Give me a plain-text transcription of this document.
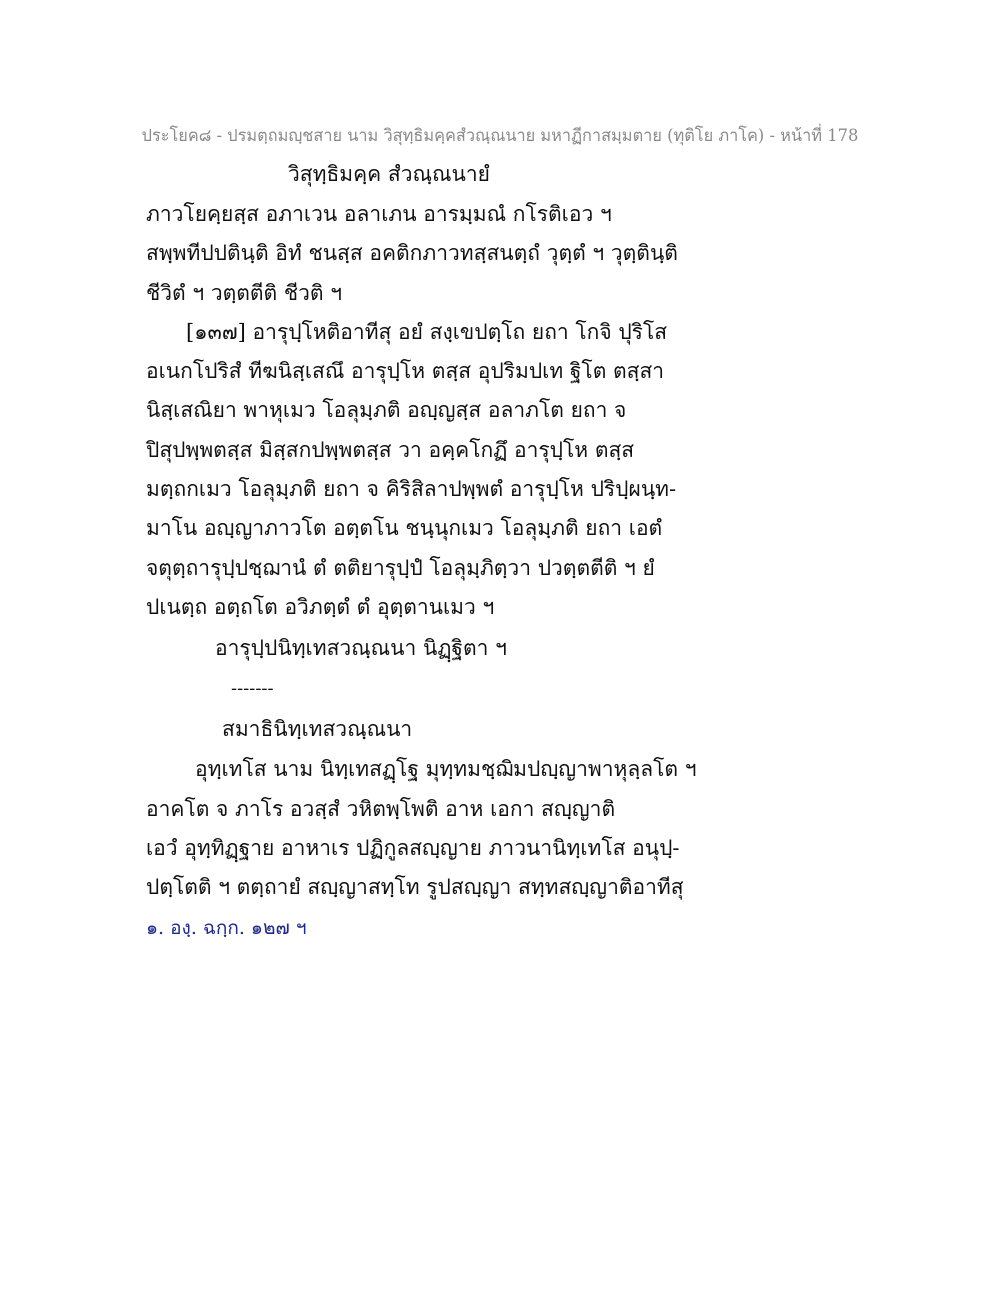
ประโยค๘ - ปรมตฺถมญฺชสาย นาม วิสุทฺธิมคฺคสํวณฺณนาย มหาฏีกาสมฺมตาย (ทุติโย ภาโค) - หน้าที่ 178
วิสุทฺธิมคฺค สํวณฺณนายํ
ภาวโยคฺยสฺส อภาเวน อลาเภน อารมฺมณํ กโรติเอว ฯ
สพฺพทีปปตินฺติ อิทํ ชนสฺส อคติกภาวทสฺสนตฺถํ วุตฺตํ ฯ วุตฺตินฺติ
ชีวิตํ ฯ วตฺตตีติ ชีวติ ฯ
[๑๓๗] อารุปฺโหติอาทีสุ อยํ สงฺเขปตฺโถ ยถา โกจิ ปุริโส
อเนกโปริสํ ทีฆนิสฺเสณึ อารุปฺโห ตสฺส อุปริมปเท ฐิโต ตสฺสา
นิสฺเสณิยา พาหุเมว โอลุมฺภติ อญฺญสฺส อลาภโต ยถา จ
ปิสุปพฺพตสฺส มิสฺสกปพฺพตสฺส วา อคฺคโกฏึ อารุปฺโห ตสฺส
มตฺถกเมว โอลุมฺภติ ยถา จ คิริสิลาปพฺพตํ อารุปฺโห ปริปฺผนฺท-
มาโน อญฺญาภาวโต อตฺตโน ชนฺนุกเมว โอลุมฺภติ ยถา เอตํ
จตุตฺถารุปฺปชฺฌานํ ตํ ตติยารุปฺปํ โอลุมฺภิตฺวา ปวตฺตตีติ ฯ ยํ
ปเนตฺถ อตฺถโต อวิภตฺตํ ตํ อุตฺตานเมว ฯ
อารุปฺปนิทฺเทสวณฺณนา นิฏฺฐิตา ฯ
-------
สมาธินิทฺเทสวณฺณนา
อุทฺเทโส นาม นิทฺเทสฏฺโฐ มุทฺทมชฺฌิมปญฺญาพาหุลฺลโต ฯ
อาคโต จ ภาโร อวสฺสํ วหิตพฺโพติ อาห เอกา สญฺญาติ
เอวํ อุทฺทิฏฺฐาย อาหาเร ปฏิกูลสญฺญาย ภาวนานิทฺเทโส อนุปฺ-
ปตฺโตติ ฯ ตตฺถายํ สญฺญาสทฺโท รูปสญฺญา สทฺทสญฺญาติอาทีสุ
๑. องฺ. ฉกฺก. ๑๒๗ ฯ
